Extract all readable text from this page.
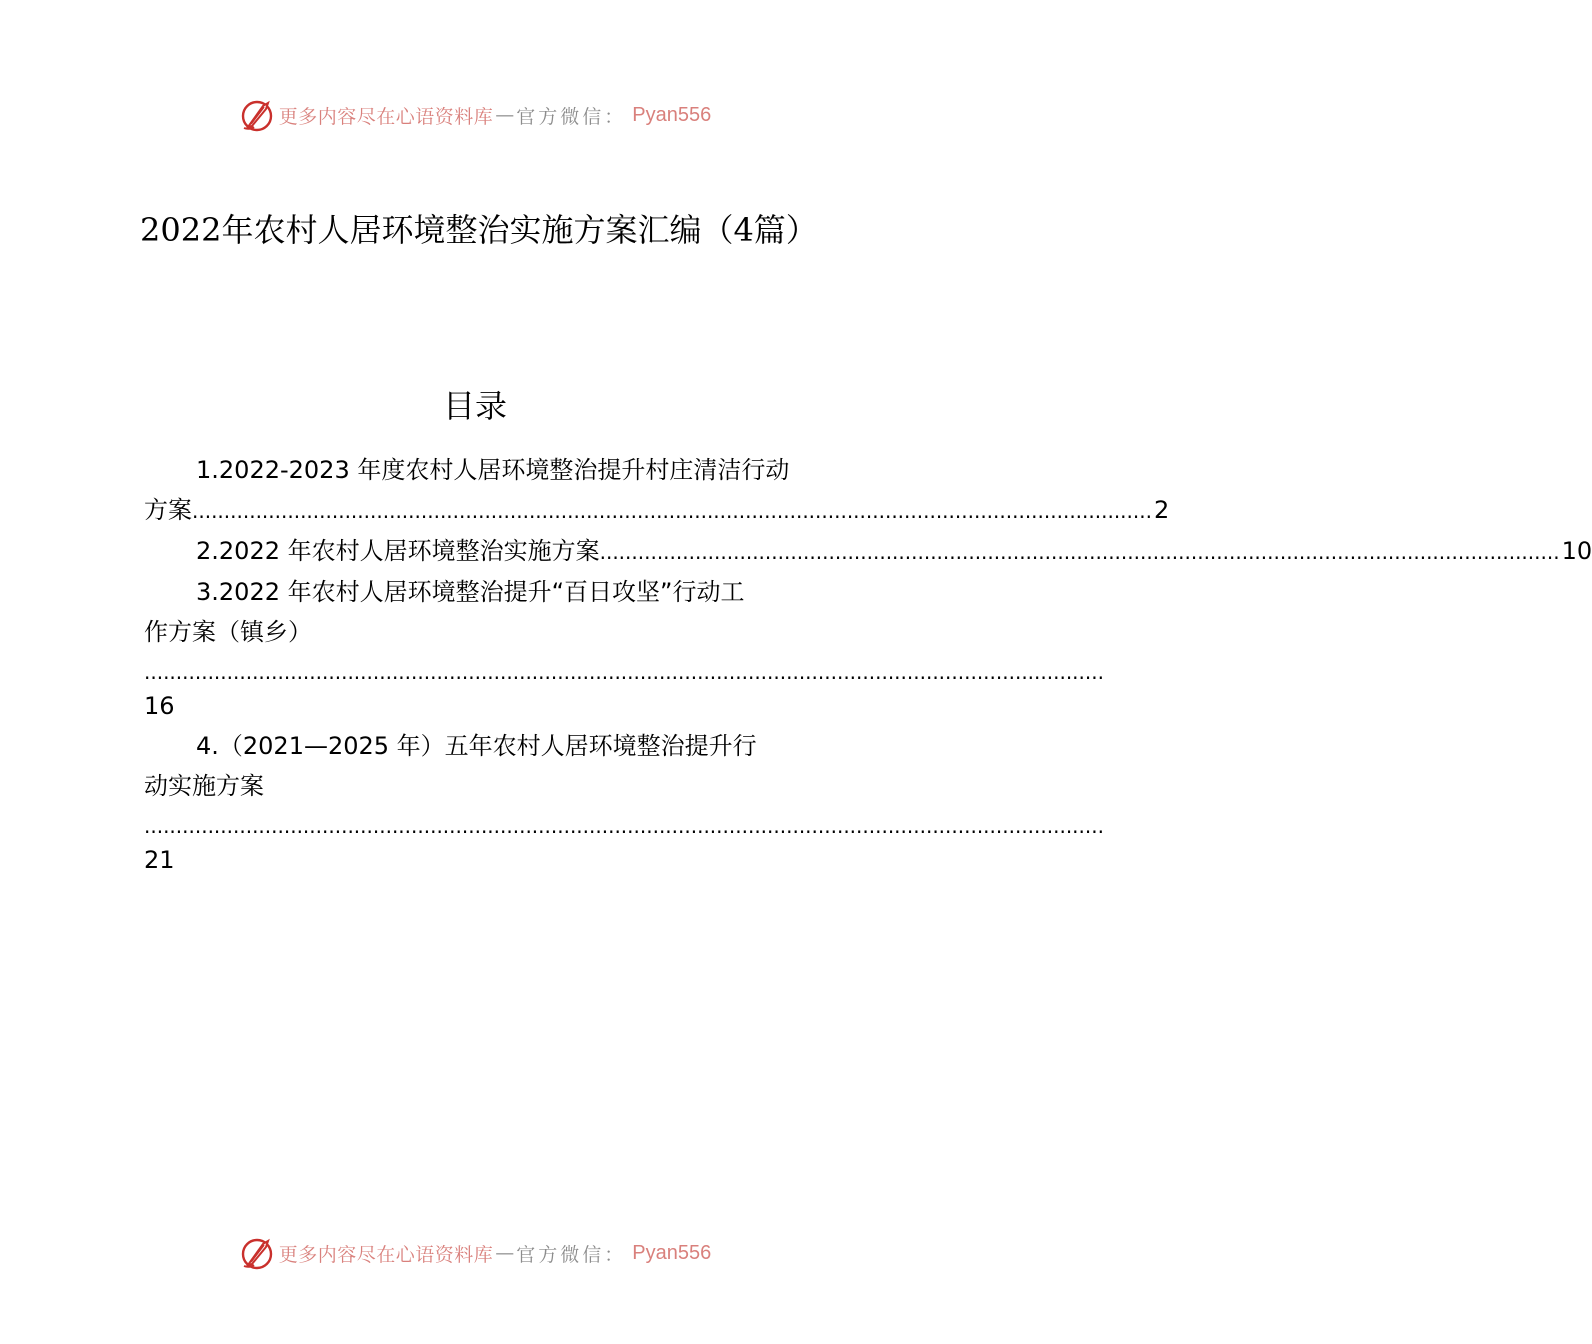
更多内容尽在心语资料库 — 官方微信： Pyan556
2022年农村人居环境整治实施方案汇编（4篇）
目录
1.2022-2023 年度农村人居环境整治提升村庄清洁行动
方案 ....................................................................................................................................................... 2
2.2022 年农村人居环境整治实施方案 ....................................................................................................................................................... 10
3.2022 年农村人居环境整治提升“百日攻坚”行动工
作方案（镇乡）
.......................................................................................................................................................
16
4.（2021—2025 年）五年农村人居环境整治提升行
动实施方案
.......................................................................................................................................................
21
更多内容尽在心语资料库 — 官方微信： Pyan556
